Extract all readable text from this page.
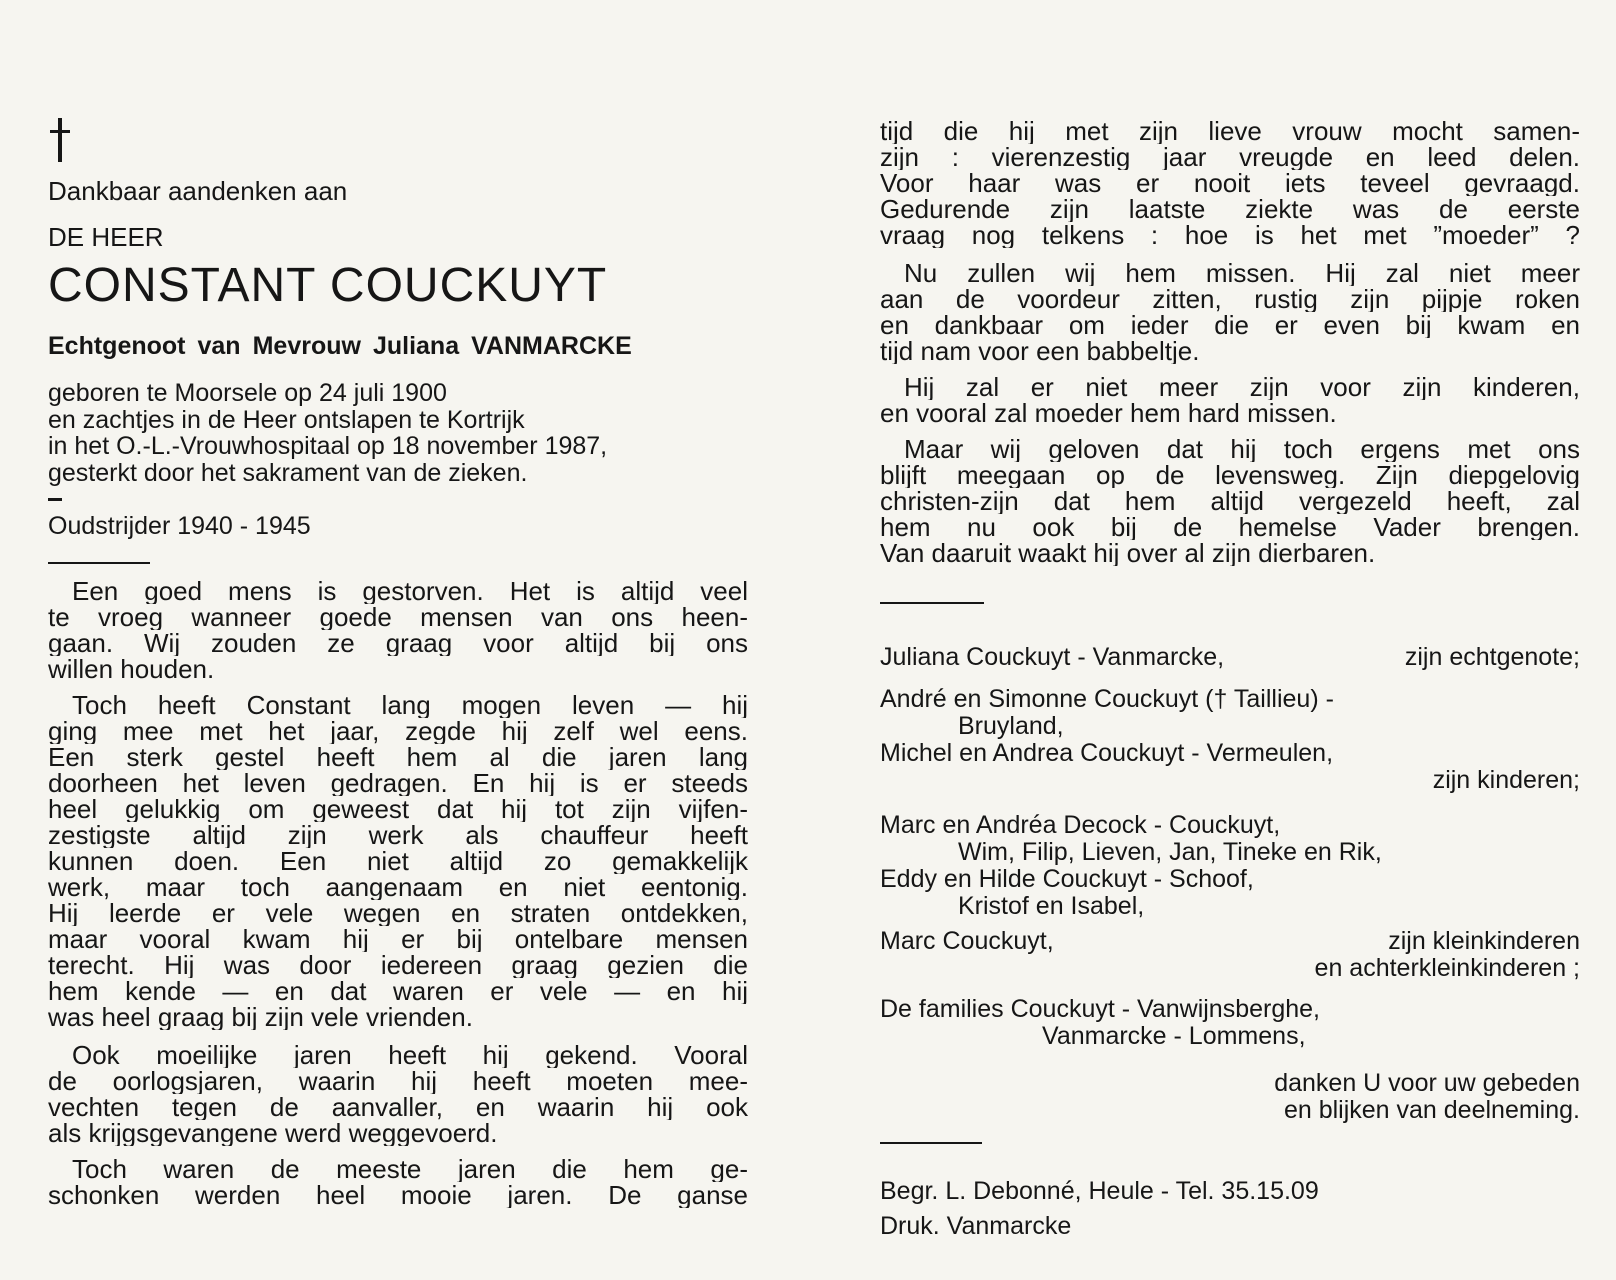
Dankbaar aandenken aan
DE HEER
CONSTANT COUCKUYT
Echtgenoot van Mevrouw Juliana VANMARCKE
geboren te Moorsele op 24 juli 1900
en zachtjes in de Heer ontslapen te Kortrijk
in het O.-L.-Vrouwhospitaal op 18 november 1987,
gesterkt door het sakrament van de zieken.
Oudstrijder 1940 - 1945
Een goed mens is gestorven. Het is altijd veel
te vroeg wanneer goede mensen van ons heen-
gaan. Wij zouden ze graag voor altijd bij ons
willen houden.
Toch heeft Constant lang mogen leven — hij
ging mee met het jaar, zegde hij zelf wel eens.
Een sterk gestel heeft hem al die jaren lang
doorheen het leven gedragen. En hij is er steeds
heel gelukkig om geweest dat hij tot zijn vijfen-
zestigste altijd zijn werk als chauffeur heeft
kunnen doen. Een niet altijd zo gemakkelijk
werk, maar toch aangenaam en niet eentonig.
Hij leerde er vele wegen en straten ontdekken,
maar vooral kwam hij er bij ontelbare mensen
terecht. Hij was door iedereen graag gezien die
hem kende — en dat waren er vele — en hij
was heel graag bij zijn vele vrienden.
Ook moeilijke jaren heeft hij gekend. Vooral
de oorlogsjaren, waarin hij heeft moeten mee-
vechten tegen de aanvaller, en waarin hij ook
als krijgsgevangene werd weggevoerd.
Toch waren de meeste jaren die hem ge-
schonken werden heel mooie jaren. De ganse
tijd die hij met zijn lieve vrouw mocht samen-
zijn : vierenzestig jaar vreugde en leed delen.
Voor haar was er nooit iets teveel gevraagd.
Gedurende zijn laatste ziekte was de eerste
vraag nog telkens : hoe is het met ”moeder” ?
Nu zullen wij hem missen. Hij zal niet meer
aan de voordeur zitten, rustig zijn pijpje roken
en dankbaar om ieder die er even bij kwam en
tijd nam voor een babbeltje.
Hij zal er niet meer zijn voor zijn kinderen,
en vooral zal moeder hem hard missen.
Maar wij geloven dat hij toch ergens met ons
blijft meegaan op de levensweg. Zijn diepgelovig
christen-zijn dat hem altijd vergezeld heeft, zal
hem nu ook bij de hemelse Vader brengen.
Van daaruit waakt hij over al zijn dierbaren.
Juliana Couckuyt - Vanmarcke,	zijn echtgenote;
André en Simonne Couckuyt († Taillieu) -
Bruyland,
Michel en Andrea Couckuyt - Vermeulen,
zijn kinderen;
Marc en Andréa Decock - Couckuyt,
Wim, Filip, Lieven, Jan, Tineke en Rik,
Eddy en Hilde Couckuyt - Schoof,
Kristof en Isabel,
Marc Couckuyt,	zijn kleinkinderen
en achterkleinkinderen ;
De families Couckuyt - Vanwijnsberghe,
Vanmarcke - Lommens,
danken U voor uw gebeden
en blijken van deelneming.
Begr. L. Debonné, Heule - Tel. 35.15.09
Druk. Vanmarcke
